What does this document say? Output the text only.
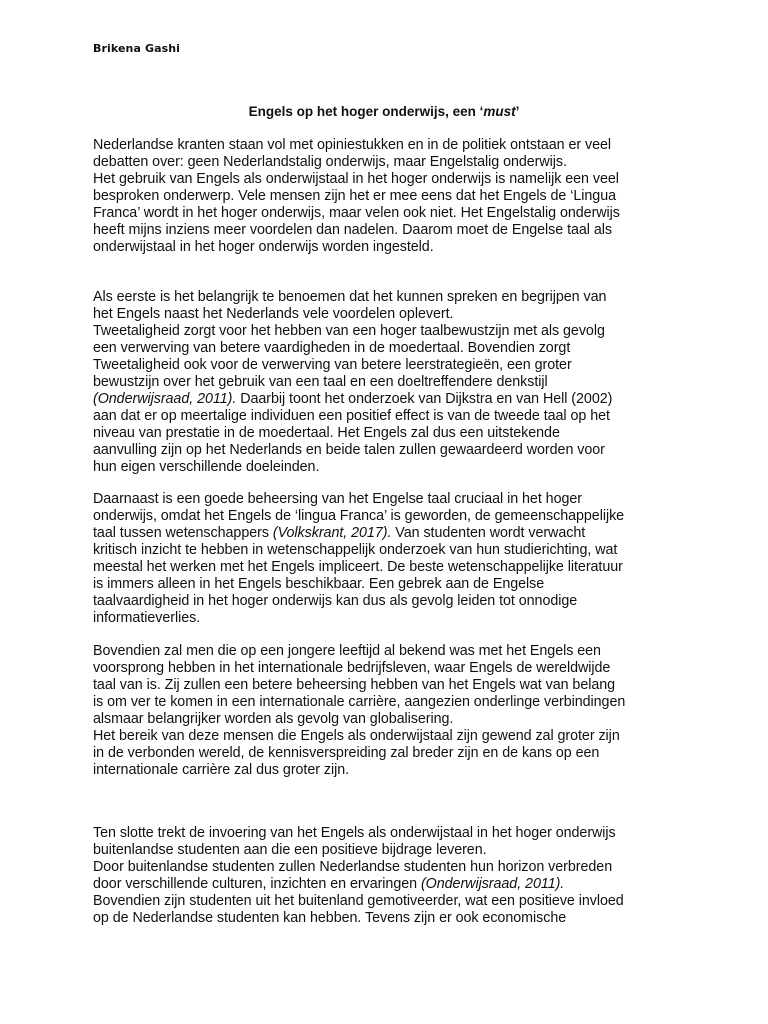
Brikena Gashi
Engels op het hoger onderwijs, een ‘must’
Nederlandse kranten staan vol met opiniestukken en in de politiek ontstaan er veel
debatten over: geen Nederlandstalig onderwijs, maar Engelstalig onderwijs.
Het gebruik van Engels als onderwijstaal in het hoger onderwijs is namelijk een veel
besproken onderwerp. Vele mensen zijn het er mee eens dat het Engels de ‘Lingua
Franca’ wordt in het hoger onderwijs, maar velen ook niet. Het Engelstalig onderwijs
heeft mijns inziens meer voordelen dan nadelen. Daarom moet de Engelse taal als
onderwijstaal in het hoger onderwijs worden ingesteld.
Als eerste is het belangrijk te benoemen dat het kunnen spreken en begrijpen van
het Engels naast het Nederlands vele voordelen oplevert.
Tweetaligheid zorgt voor het hebben van een hoger taalbewustzijn met als gevolg
een verwerving van betere vaardigheden in de moedertaal. Bovendien zorgt
Tweetaligheid ook voor de verwerving van betere leerstrategieën, een groter
bewustzijn over het gebruik van een taal en een doeltreffendere denkstijl
(Onderwijsraad, 2011). Daarbij toont het onderzoek van Dijkstra en van Hell (2002)
aan dat er op meertalige individuen een positief effect is van de tweede taal op het
niveau van prestatie in de moedertaal. Het Engels zal dus een uitstekende
aanvulling zijn op het Nederlands en beide talen zullen gewaardeerd worden voor
hun eigen verschillende doeleinden.
Daarnaast is een goede beheersing van het Engelse taal cruciaal in het hoger
onderwijs, omdat het Engels de ‘lingua Franca’ is geworden, de gemeenschappelijke
taal tussen wetenschappers (Volkskrant, 2017). Van studenten wordt verwacht
kritisch inzicht te hebben in wetenschappelijk onderzoek van hun studierichting, wat
meestal het werken met het Engels impliceert. De beste wetenschappelijke literatuur
is immers alleen in het Engels beschikbaar. Een gebrek aan de Engelse
taalvaardigheid in het hoger onderwijs kan dus als gevolg leiden tot onnodige
informatieverlies.
Bovendien zal men die op een jongere leeftijd al bekend was met het Engels een
voorsprong hebben in het internationale bedrijfsleven, waar Engels de wereldwijde
taal van is. Zij zullen een betere beheersing hebben van het Engels wat van belang
is om ver te komen in een internationale carrière, aangezien onderlinge verbindingen
alsmaar belangrijker worden als gevolg van globalisering.
Het bereik van deze mensen die Engels als onderwijstaal zijn gewend zal groter zijn
in de verbonden wereld, de kennisverspreiding zal breder zijn en de kans op een
internationale carrière zal dus groter zijn.
Ten slotte trekt de invoering van het Engels als onderwijstaal in het hoger onderwijs
buitenlandse studenten aan die een positieve bijdrage leveren.
Door buitenlandse studenten zullen Nederlandse studenten hun horizon verbreden
door verschillende culturen, inzichten en ervaringen (Onderwijsraad, 2011).
Bovendien zijn studenten uit het buitenland gemotiveerder, wat een positieve invloed
op de Nederlandse studenten kan hebben. Tevens zijn er ook economische
